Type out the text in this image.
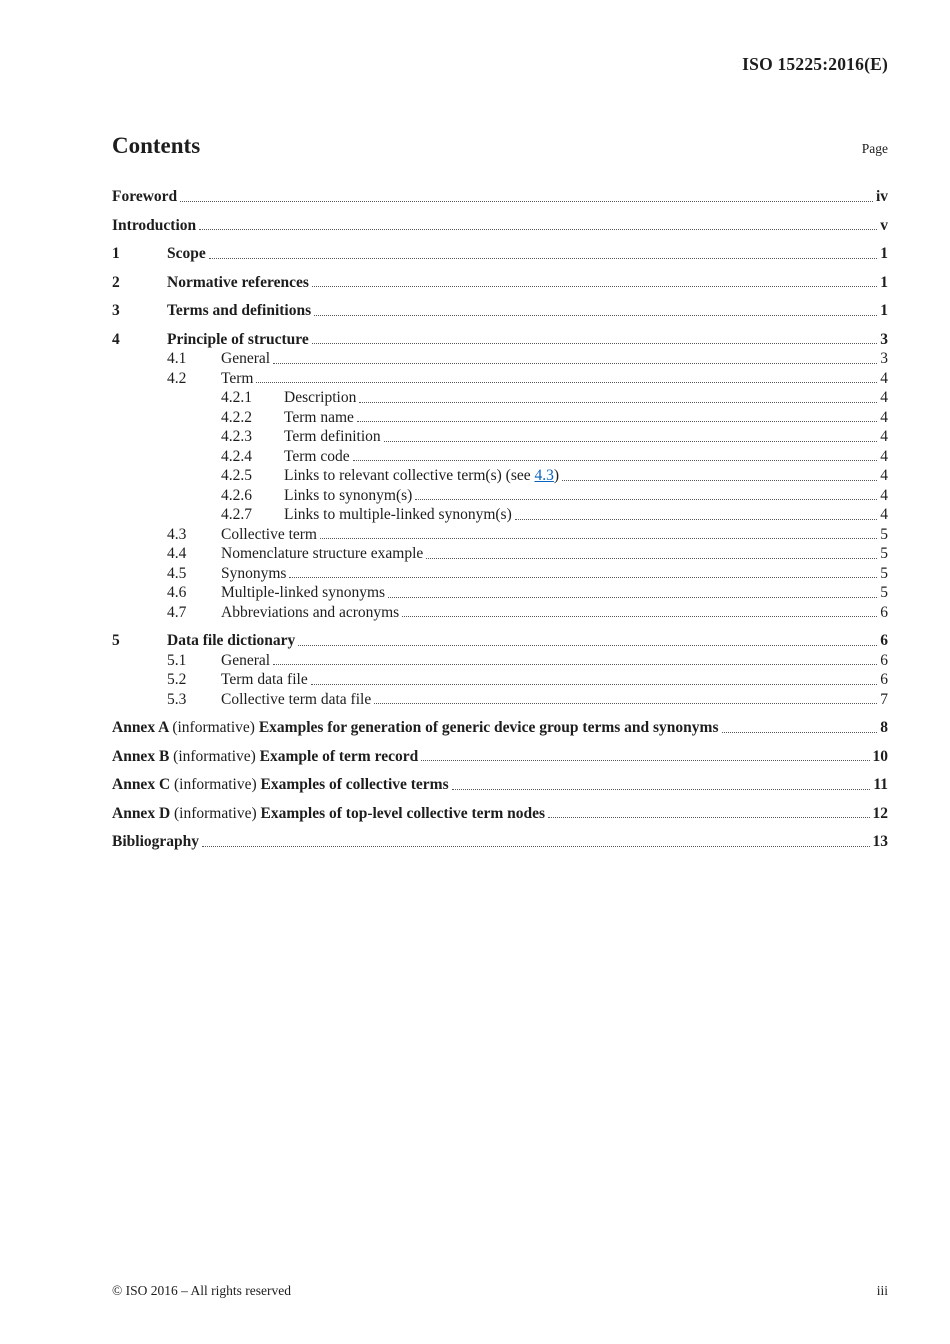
ISO 15225:2016(E)
Contents	Page
Foreword	iv
Introduction	v
1	Scope	1
2	Normative references	1
3	Terms and definitions	1
4	Principle of structure	3
4.1	General	3
4.2	Term	4
4.2.1	Description	4
4.2.2	Term name	4
4.2.3	Term definition	4
4.2.4	Term code	4
4.2.5	Links to relevant collective term(s) (see 4.3)	4
4.2.6	Links to synonym(s)	4
4.2.7	Links to multiple-linked synonym(s)	4
4.3	Collective term	5
4.4	Nomenclature structure example	5
4.5	Synonyms	5
4.6	Multiple-linked synonyms	5
4.7	Abbreviations and acronyms	6
5	Data file dictionary	6
5.1	General	6
5.2	Term data file	6
5.3	Collective term data file	7
Annex A (informative) Examples for generation of generic device group terms and synonyms	8
Annex B (informative) Example of term record	10
Annex C (informative) Examples of collective terms	11
Annex D (informative) Examples of top-level collective term nodes	12
Bibliography	13
© ISO 2016 – All rights reserved	iii
